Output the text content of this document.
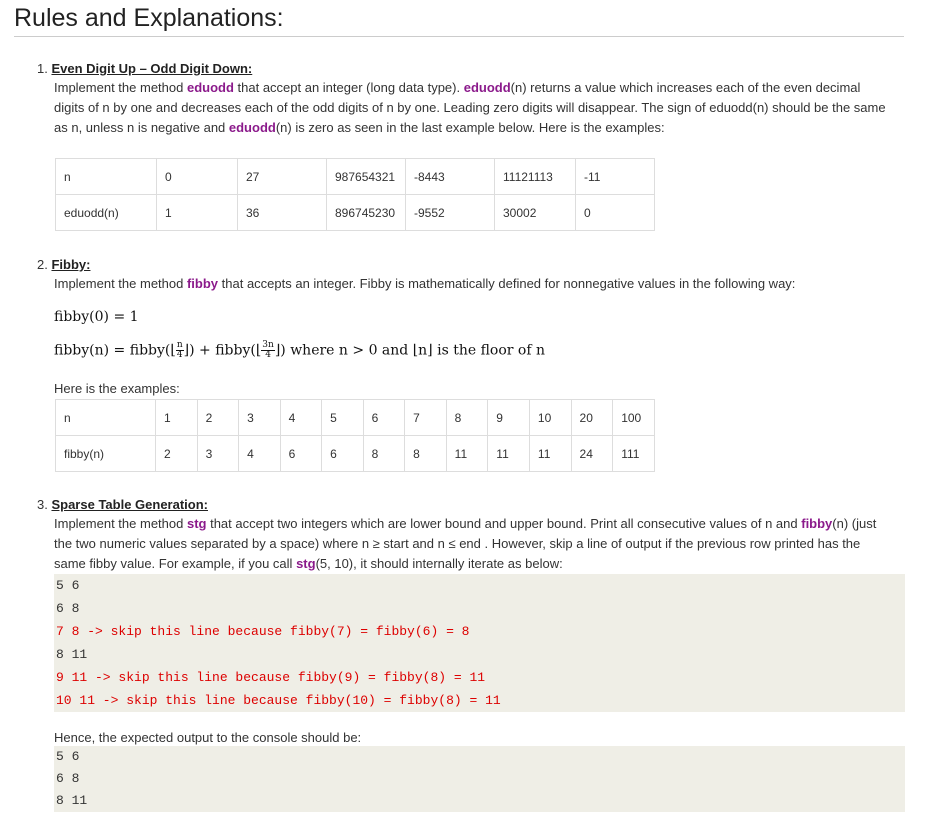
Rules and Explanations:
1. Even Digit Up – Odd Digit Down:
Implement the method eduodd that accept an integer (long data type). eduodd(n) returns a value which increases each of the even decimal digits of n by one and decreases each of the odd digits of n by one. Leading zero digits will disappear. The sign of eduodd(n) should be the same as n, unless n is negative and eduodd(n) is zero as seen in the last example below. Here is the examples:
n	0	27	987654321	-8443	11121113	-11
eduodd(n)	1	36	896745230	-9552	30002	0
2. Fibby:
Implement the method fibby that accepts an integer. Fibby is mathematically defined for nonnegative values in the following way:
fibby(0) = 1
fibby(n) = fibby(⌊ $\frac{n}{4}$ ⌋) + fibby(⌊ $\frac{3n}{4}$ ⌋) where n > 0 and ⌊n⌋ is the floor of n
Here is the examples:
n	1	2	3	4	5	6	7	8	9	10	20	100
fibby(n)	2	3	4	6	6	8	8	11	11	11	24	111
3. Sparse Table Generation:
Implement the method stg that accept two integers which are lower bound and upper bound. Print all consecutive values of n and fibby(n) (just the two numeric values separated by a space) where n ≥ start and n ≤ end . However, skip a line of output if the previous row printed has the same fibby value. For example, if you call stg(5, 10), it should internally iterate as below:
5 6
6 8
7 8 -> skip this line because fibby(7) = fibby(6) = 8
8 11
9 11 -> skip this line because fibby(9) = fibby(8) = 11
10 11 -> skip this line because fibby(10) = fibby(8) = 11
Hence, the expected output to the console should be:
5 6
6 8
8 11
